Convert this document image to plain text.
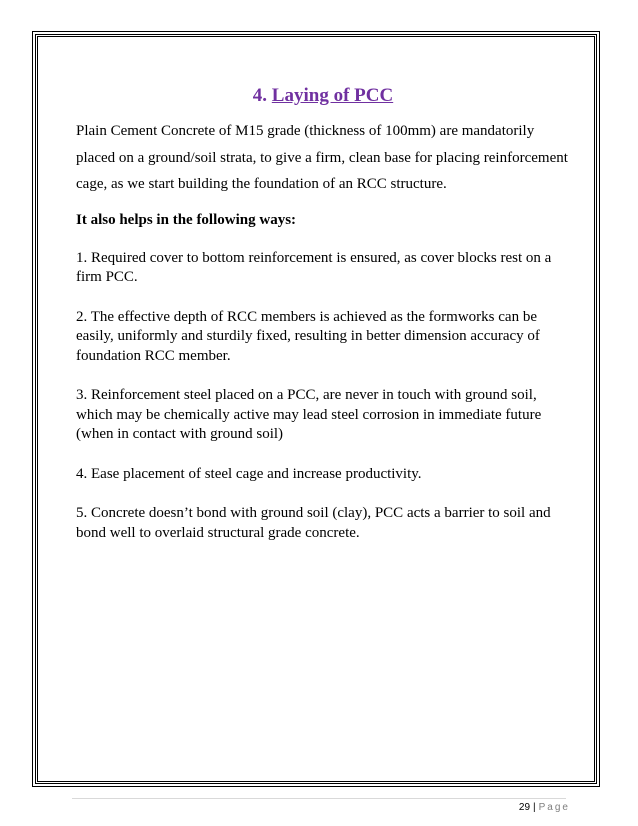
4. Laying of PCC

Plain Cement Concrete of M15 grade (thickness of 100mm) are mandatorily placed on a ground/soil strata, to give a firm, clean base for placing reinforcement cage, as we start building the foundation of an RCC structure.

It also helps in the following ways:

1. Required cover to bottom reinforcement is ensured, as cover blocks rest on a firm PCC.

2. The effective depth of RCC members is achieved as the formworks can be easily, uniformly and sturdily fixed, resulting in better dimension accuracy of foundation RCC member.

3. Reinforcement steel placed on a PCC, are never in touch with ground soil, which may be chemically active may lead steel corrosion in immediate future (when in contact with ground soil)

4. Ease placement of steel cage and increase productivity.

5. Concrete doesn’t bond with ground soil (clay), PCC acts a barrier to soil and bond well to overlaid structural grade concrete.

29 | Page
